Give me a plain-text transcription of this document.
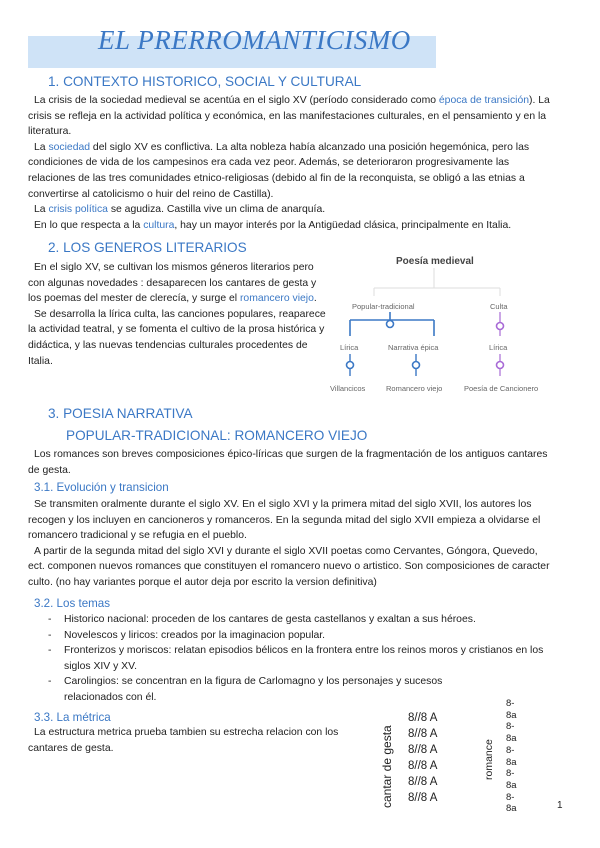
EL PRERROMANTICISMO
1. CONTEXTO HISTORICO, SOCIAL Y CULTURAL
La crisis de la sociedad medieval se acentúa en el siglo XV (período considerado como época de transición). La crisis se refleja en la actividad política y económica, en las manifestaciones culturales, en el pensamiento y en la literatura.
La sociedad del siglo XV es conflictiva. La alta nobleza había alcanzado una posición hegemónica, pero las condiciones de vida de los campesinos era cada vez peor. Además, se deterioraron progresivamente las relaciones de las tres comunidades etnico-religiosas (debido al fin de la reconquista, se obligó a las etnias a convertirse al catolicismo o huir del reino de Castilla).
La crisis política se agudiza. Castilla vive un clima de anarquía.
En lo que respecta a la cultura, hay un mayor interés por la Antigüedad clásica, principalmente en Italia.
2. LOS GENEROS LITERARIOS
En el siglo XV, se cultivan los mismos géneros literarios pero con algunas novedades : desaparecen los cantares de gesta y los poemas del mester de clerecía, y surge el romancero viejo.
Se desarrolla la lírica culta, las canciones populares, reaparece la actividad teatral, y se fomenta el cultivo de la prosa histórica y didáctica, y las nuevas tendencias culturales procedentes de Italia.
Poesía medieval
Popular-tradicional	Culta
Lírica	Narrativa épica	Lírica
Villancicos	Romancero viejo	Poesía de Cancionero
3. POESIA NARRATIVA
POPULAR-TRADICIONAL: ROMANCERO VIEJO
Los romances son breves composiciones épico-líricas que surgen de la fragmentación de los antiguos cantares de gesta.
3.1. Evolución y transicion
Se transmiten oralmente durante el siglo XV. En el siglo XVI y la primera mitad del siglo XVII, los autores los recogen y los incluyen en cancioneros y romanceros. En la segunda mitad del siglo XVII empieza a olvidarse el romancero tradicional y se refugia en el pueblo.
A partir de la segunda mitad del siglo XVI y durante el siglo XVII poetas como Cervantes, Góngora, Quevedo, ect. componen nuevos romances que constituyen el romancero nuevo o artistico. Son composiciones de caracter culto. (no hay variantes porque el autor deja por escrito la version definitiva)
3.2. Los temas
- Historico nacional: proceden de los cantares de gesta castellanos y exaltan a sus héroes.
- Novelescos y liricos: creados por la imaginacion popular.
- Fronterizos y moriscos: relatan episodios bélicos en la frontera entre los reinos moros y cristianos en los siglos XIV y XV.
- Carolingios: se concentran en la figura de Carlomagno y los personajes y sucesos relacionados con él.
3.3. La métrica
La estructura metrica prueba tambien su estrecha relacion con los cantares de gesta.	cantar de gesta
8//8 A
8//8 A
8//8 A
8//8 A
8//8 A
8//8 A
romance
8-
8a
8-
8a
8-
8a
8-
8a
8-
8a	1
